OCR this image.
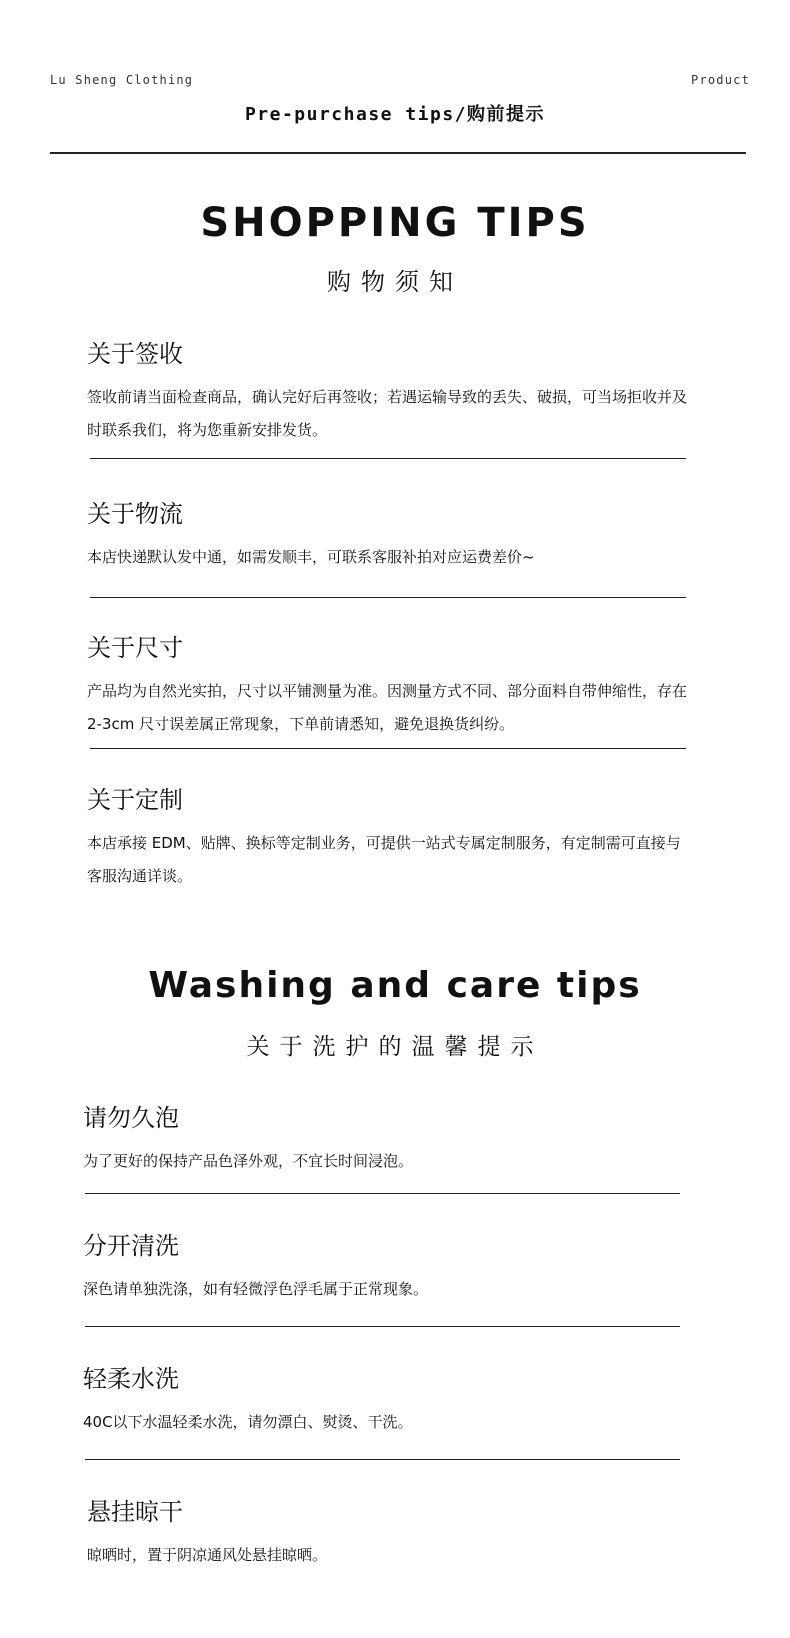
Lu Sheng Clothing	Product
Pre-purchase tips/购前提示
SHOPPING TIPS
购物须知
关于签收

签收前请当面检查商品，确认完好后再签收；若遇运输导致的丢失、破损，可当场拒收并及时联系我们，将为您重新安排发货。

关于物流

本店快递默认发中通，如需发顺丰，可联系客服补拍对应运费差价~

关于尺寸

产品均为自然光实拍，尺寸以平铺测量为准。因测量方式不同、部分面料自带伸缩性，存在 2-3cm 尺寸误差属正常现象，下单前请悉知，避免退换货纠纷。

关于定制

本店承接 EDM、贴牌、换标等定制业务，可提供一站式专属定制服务，有定制需可直接与客服沟通详谈。

Washing and care tips
关于洗护的温馨提示
请勿久泡

为了更好的保持产品色泽外观，不宜长时间浸泡。

分开清洗

深色请单独洗涤，如有轻微浮色浮毛属于正常现象。

轻柔水洗

40C以下水温轻柔水洗，请勿漂白、熨烫、干洗。

悬挂晾干

晾晒时，置于阴凉通风处悬挂晾晒。
